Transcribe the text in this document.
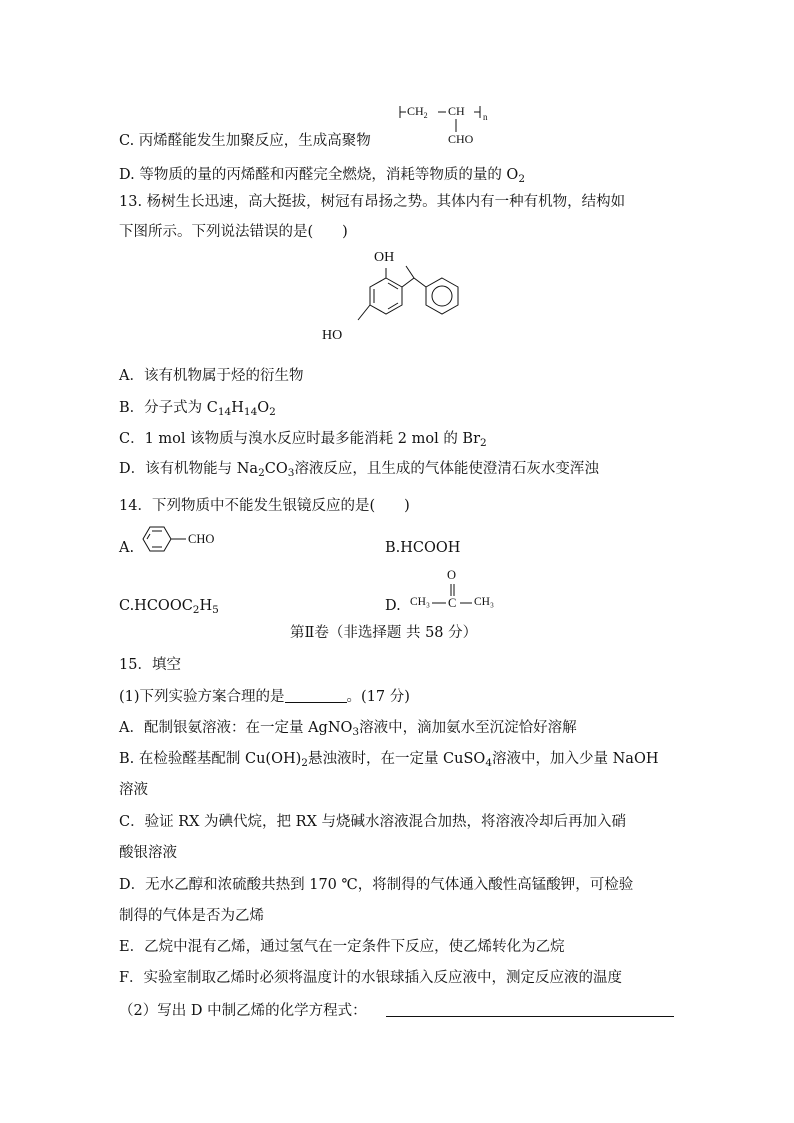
$CH_2$ CH n
CHO
C. 丙烯醛能发生加聚反应，生成高聚物
D. 等物质的量的丙烯醛和丙醛完全燃烧，消耗等物质的量的 $O_2$
13. 杨树生长迅速，高大挺拔，树冠有昂扬之势。其体内有一种有机物，结构如
下图所示。下列说法错误的是(　　)
OH
HO
A．该有机物属于烃的衍生物
B．分子式为 $C_{14}H_{14}O_2$
C．1 mol 该物质与溴水反应时最多能消耗 2 mol 的 $Br_2$
D．该有机物能与 $Na_2CO_3$溶液反应，且生成的气体能使澄清石灰水变浑浊
14．下列物质中不能发生银镜反应的是(　　)
A.
CHO
B.HCOOH
$C.HCOOC_2H_5$	D.
O
CH₃ C CH₃
第Ⅱ卷（非选择题 共 58 分）
15．填空
(1)下列实验方案合理的是	。(17 分)
A．配制银氨溶液：在一定量 AgNO$_3$溶液中，滴加氨水至沉淀恰好溶解
B. 在检验醛基配制 $Cu(OH)_2$悬浊液时，在一定量 CuSO$_4$溶液中，加入少量 NaOH
溶液
C．验证 RX 为碘代烷，把 RX 与烧碱水溶液混合加热，将溶液冷却后再加入硝
酸银溶液
D．无水乙醇和浓硫酸共热到 170 ℃，将制得的气体通入酸性高锰酸钾，可检验
制得的气体是否为乙烯
E．乙烷中混有乙烯，通过氢气在一定条件下反应，使乙烯转化为乙烷
F．实验室制取乙烯时必须将温度计的水银球插入反应液中，测定反应液的温度
（2）写出 D 中制乙烯的化学方程式：
